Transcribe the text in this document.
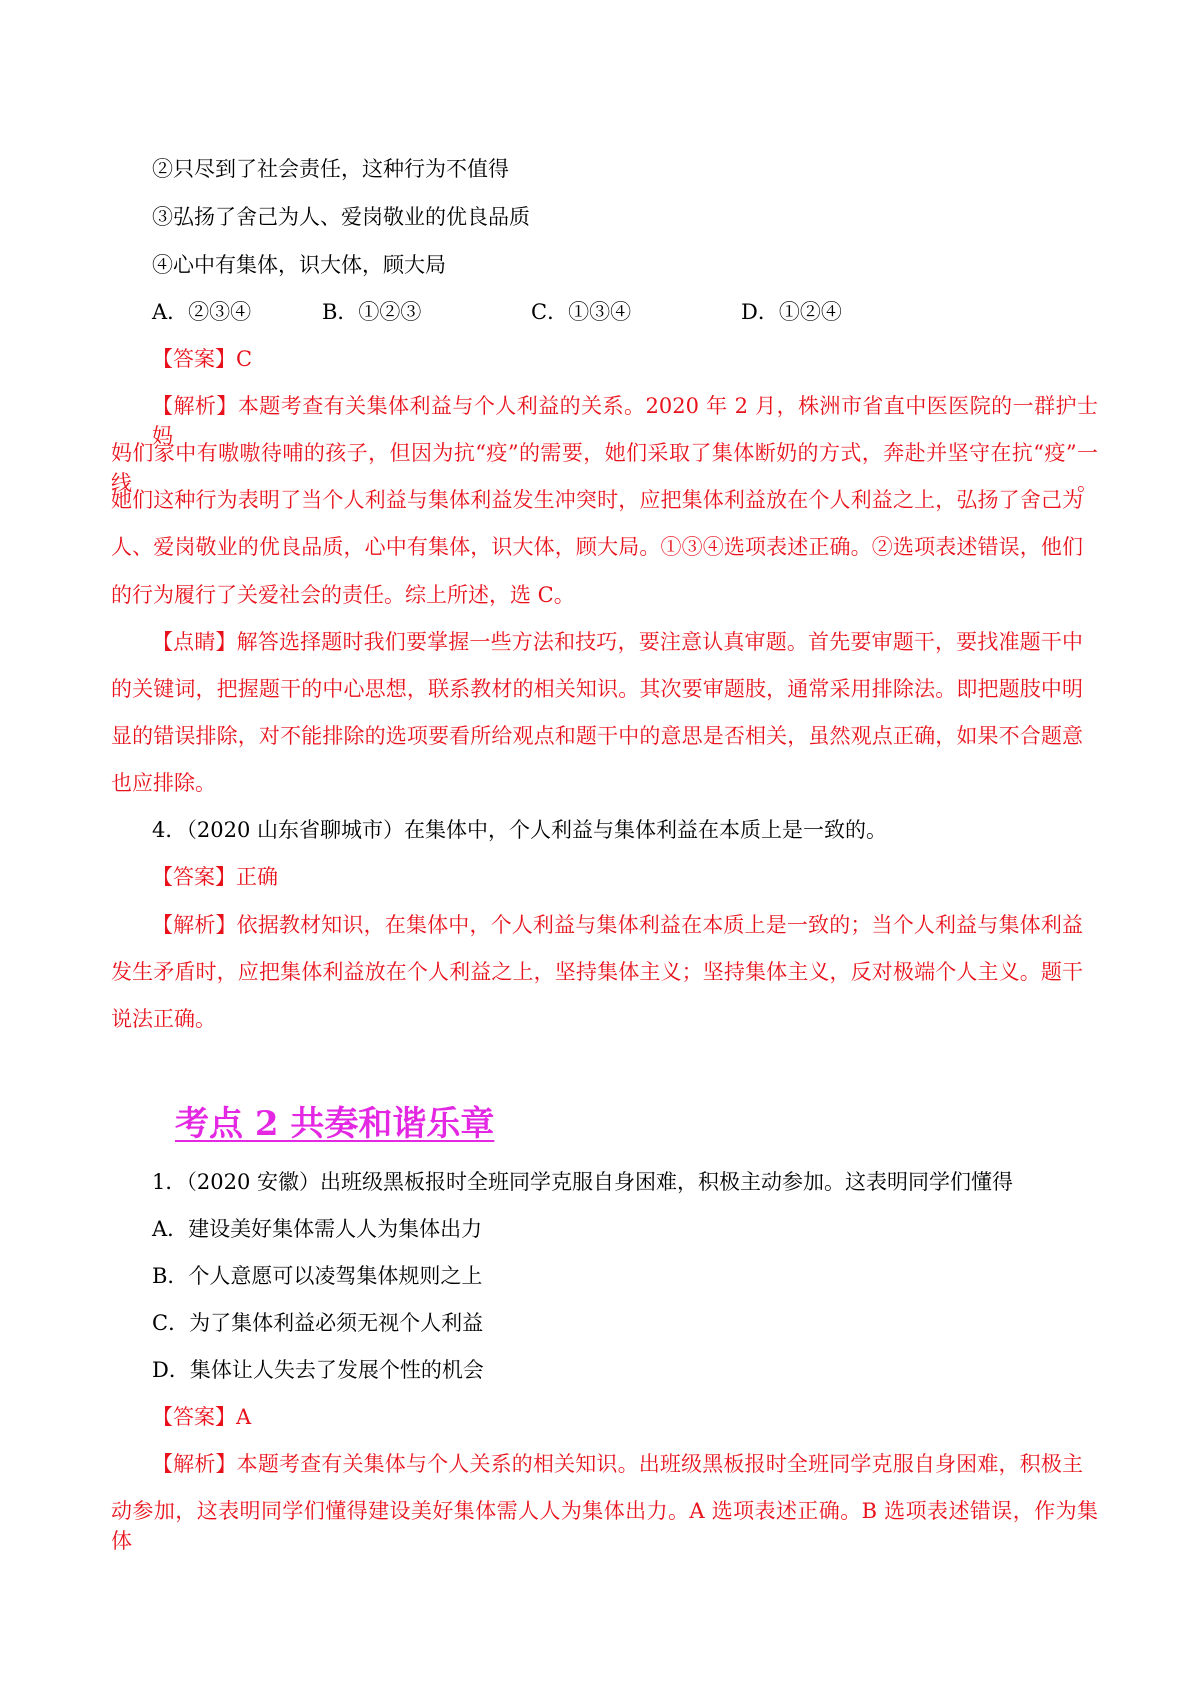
②只尽到了社会责任，这种行为不值得

③弘扬了舍己为人、爱岗敬业的优良品质

④心中有集体，识大体，顾大局

A．②③④	B．①②③	C．①③④	D．①②④

【答案】C

【解析】本题考查有关集体利益与个人利益的关系。2020 年 2 月，株洲市省直中医医院的一群护士妈

妈们家中有嗷嗷待哺的孩子，但因为抗“疫”的需要，她们采取了集体断奶的方式，奔赴并坚守在抗“疫”一线。

她们这种行为表明了当个人利益与集体利益发生冲突时，应把集体利益放在个人利益之上，弘扬了舍己为

人、爱岗敬业的优良品质，心中有集体，识大体，顾大局。①③④选项表述正确。②选项表述错误，他们

的行为履行了关爱社会的责任。综上所述，选 C。

【点睛】解答选择题时我们要掌握一些方法和技巧，要注意认真审题。首先要审题干，要找准题干中

的关键词，把握题干的中心思想，联系教材的相关知识。其次要审题肢，通常采用排除法。即把题肢中明

显的错误排除，对不能排除的选项要看所给观点和题干中的意思是否相关，虽然观点正确，如果不合题意

也应排除。

4．（2020 山东省聊城市）在集体中，个人利益与集体利益在本质上是一致的。

【答案】正确

【解析】依据教材知识，在集体中，个人利益与集体利益在本质上是一致的；当个人利益与集体利益

发生矛盾时，应把集体利益放在个人利益之上，坚持集体主义；坚持集体主义，反对极端个人主义。题干

说法正确。

考点 2 共奏和谐乐章

1．（2020 安徽）出班级黑板报时全班同学克服自身困难，积极主动参加。这表明同学们懂得

A．建设美好集体需人人为集体出力

B．个人意愿可以凌驾集体规则之上

C．为了集体利益必须无视个人利益

D．集体让人失去了发展个性的机会

【答案】A

【解析】本题考查有关集体与个人关系的相关知识。出班级黑板报时全班同学克服自身困难，积极主

动参加，这表明同学们懂得建设美好集体需人人为集体出力。A 选项表述正确。B 选项表述错误，作为集体
